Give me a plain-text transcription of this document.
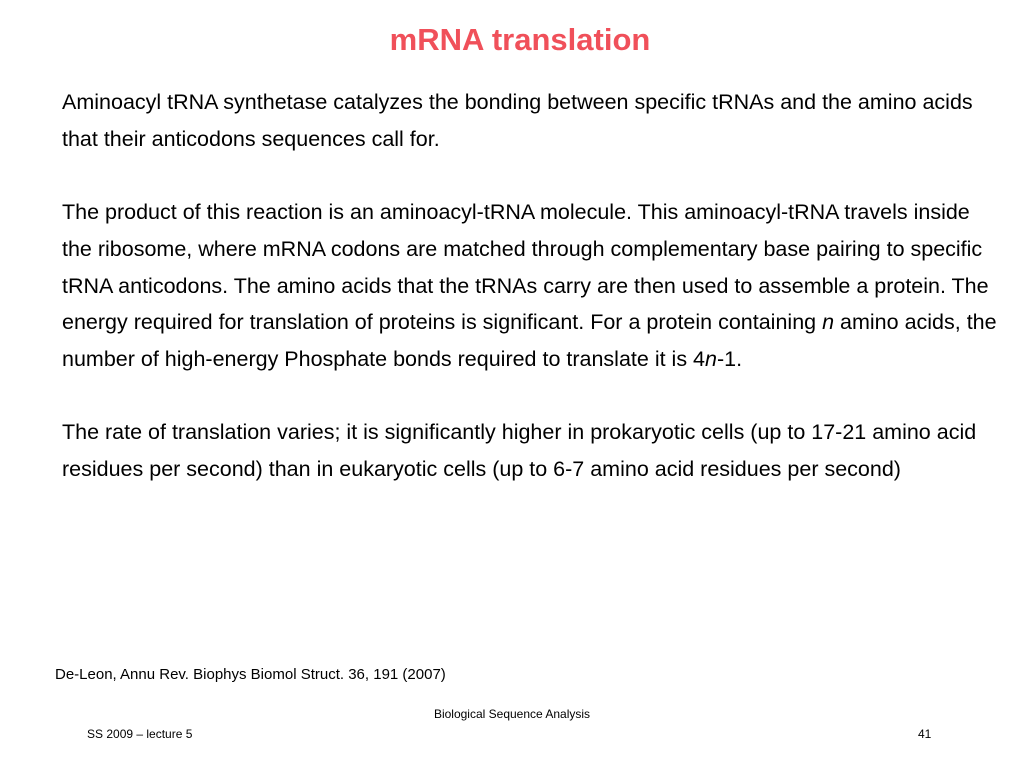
mRNA translation

Aminoacyl tRNA synthetase catalyzes the bonding between specific tRNAs and the amino acids that their anticodons sequences call for.

The product of this reaction is an aminoacyl-tRNA molecule. This aminoacyl-tRNA travels inside the ribosome, where mRNA codons are matched through complementary base pairing to specific tRNA anticodons. The amino acids that the tRNAs carry are then used to assemble a protein. The energy required for translation of proteins is significant. For a protein containing n amino acids, the number of high-energy Phosphate bonds required to translate it is 4n-1.

The rate of translation varies; it is significantly higher in prokaryotic cells (up to 17-21 amino acid residues per second) than in eukaryotic cells (up to 6-7 amino acid residues per second)

De-Leon, Annu Rev. Biophys Biomol Struct. 36, 191 (2007)
Biological Sequence Analysis
SS 2009 – lecture 5	41
